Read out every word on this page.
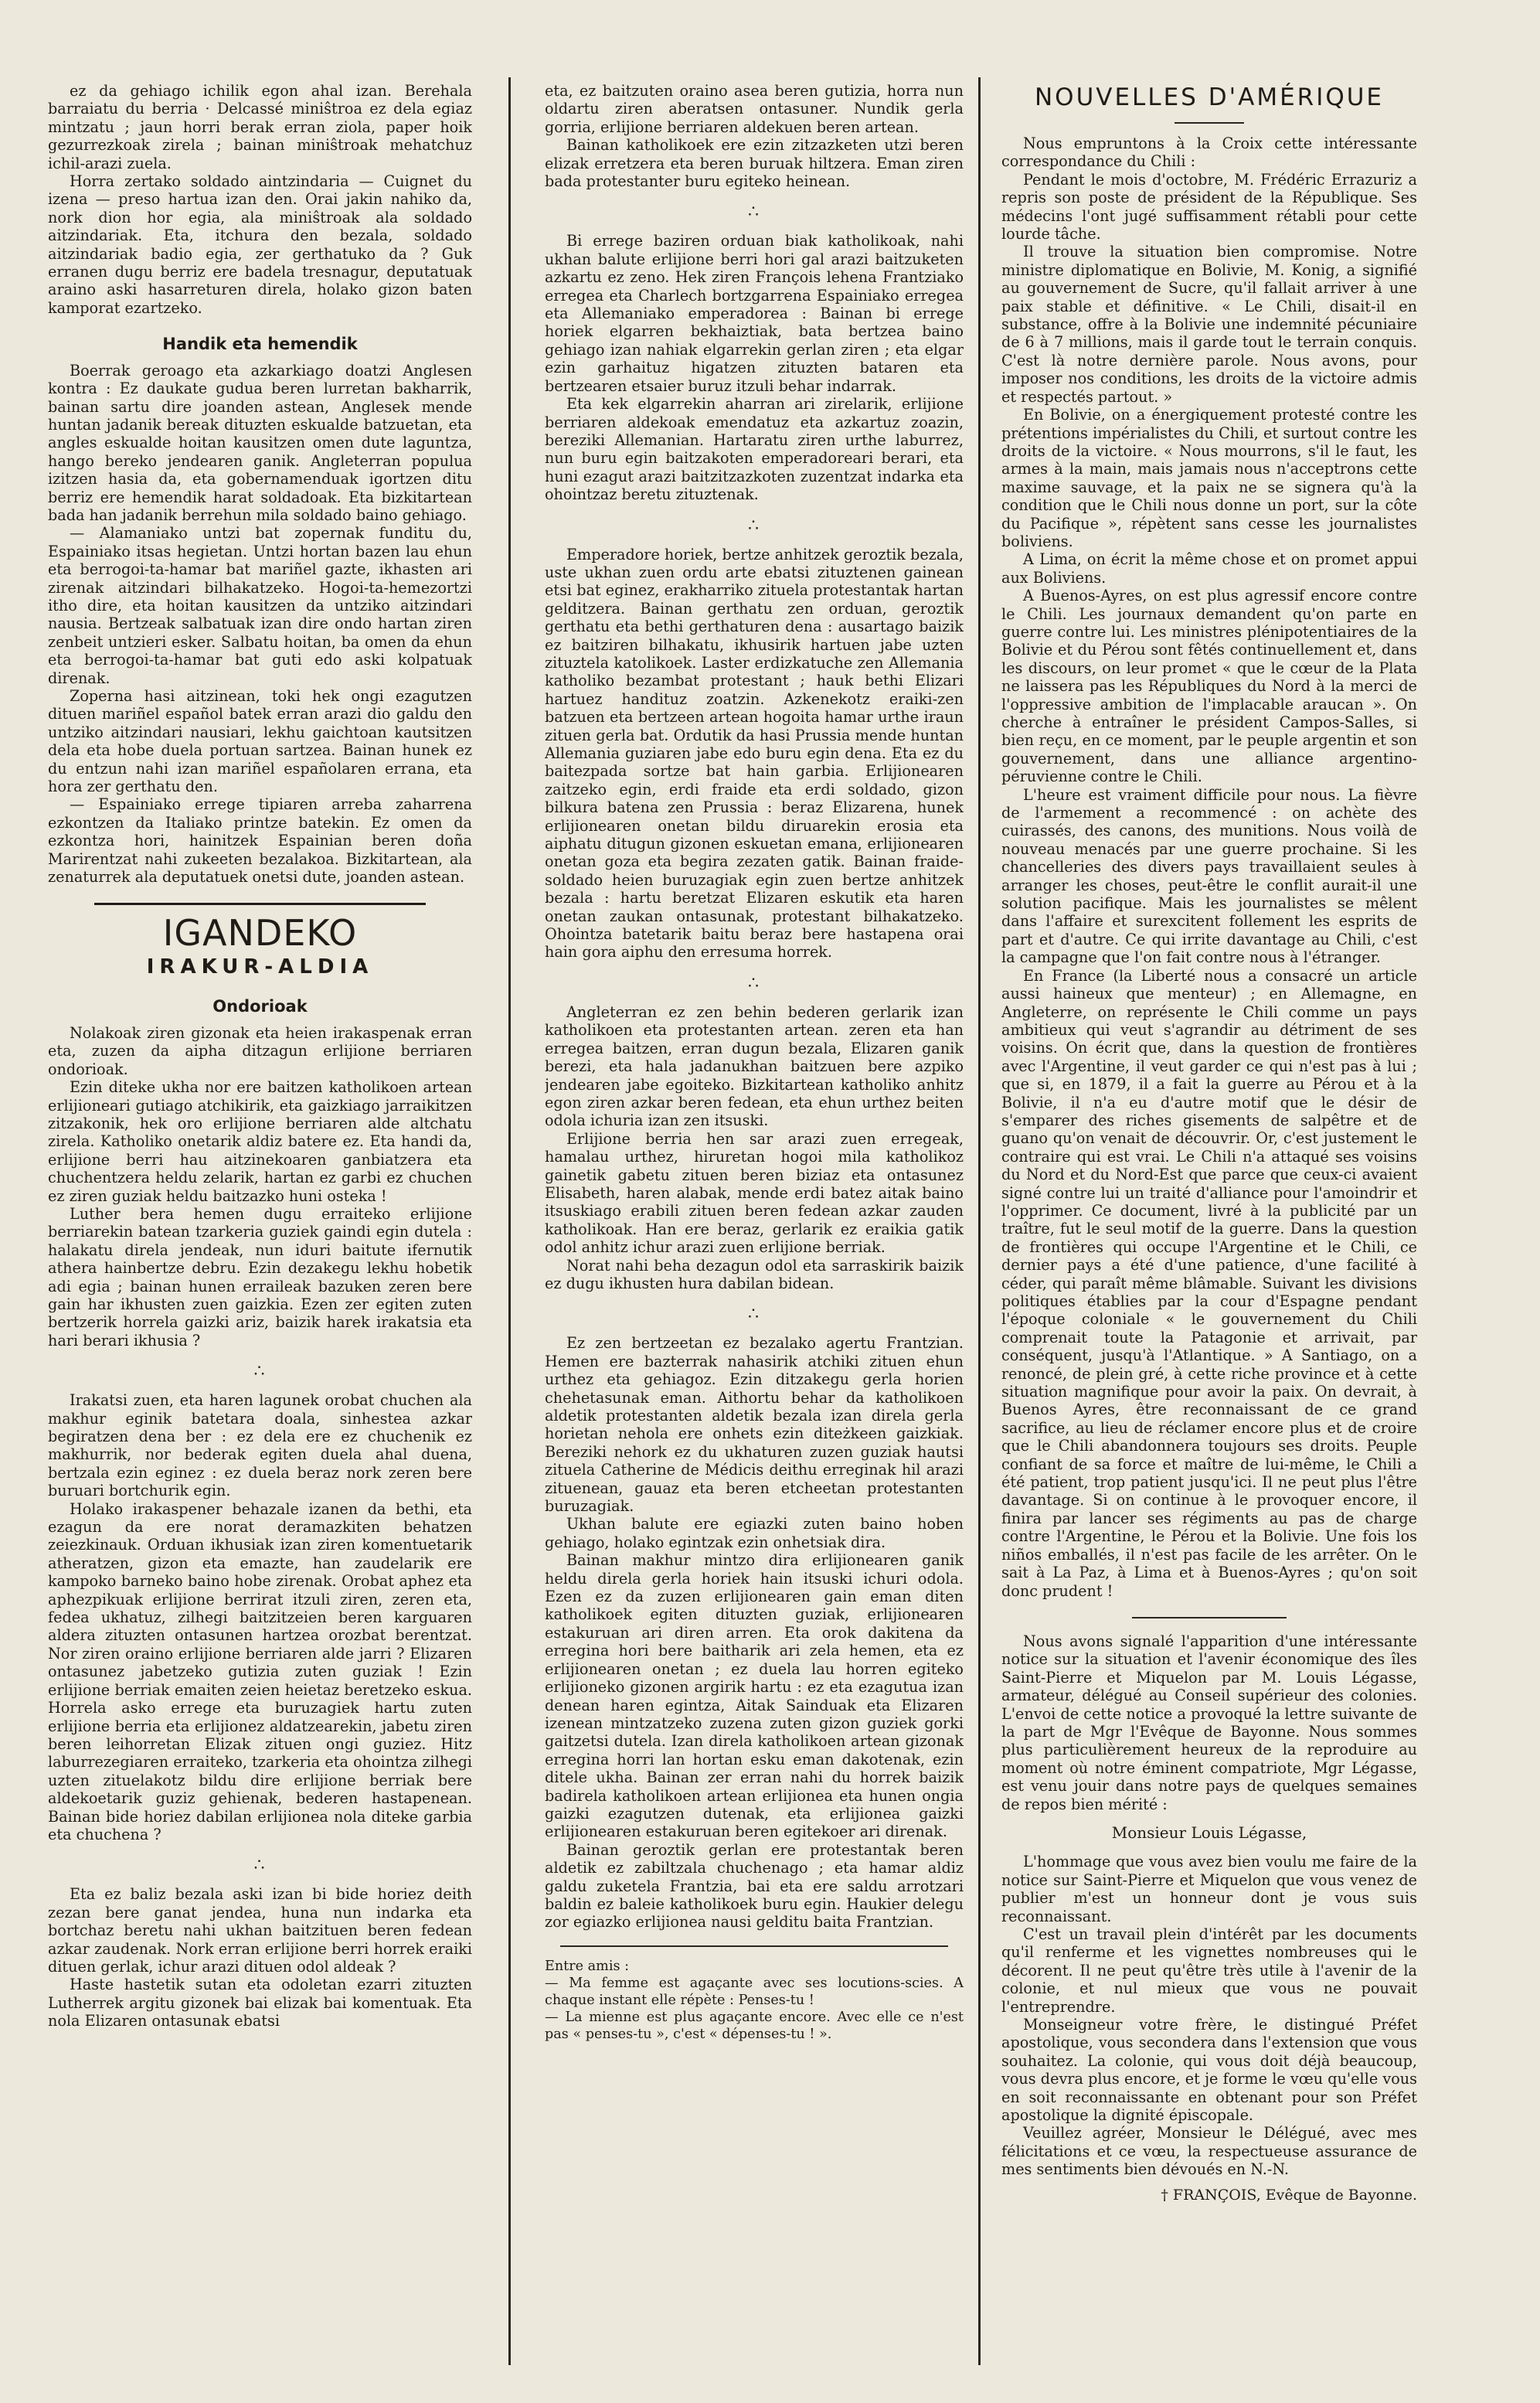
ez da gehiago ichilik egon ahal izan. Berehala barraiatu du berria · Delcassé miniŝtroa ez dela egiaz mintzatu ; jaun horri berak erran ziola, paper hoik gezurrezkoak zirela ; bainan miniŝtroak mehatchuz ichil-arazi zuela.

Horra zertako soldado aintzindaria — Cuignet du izena — preso hartua izan den. Orai jakin nahiko da, nork dion hor egia, ala miniŝtroak ala soldado aitzindariak. Eta, itchura den bezala, soldado aitzindariak badio egia, zer gerthatuko da ? Guk erranen dugu berriz ere badela tresnagur, deputatuak araino aski hasarreturen direla, holako gizon baten kamporat ezartzeko.

Handik eta hemendik

Boerrak geroago eta azkarkiago doatzi Anglesen kontra : Ez daukate gudua beren lurretan bakharrik, bainan sartu dire joanden astean, Anglesek mende huntan jadanik bereak dituzten eskualde batzuetan, eta angles eskualde hoitan kausitzen omen dute laguntza, hango bereko jendearen ganik. Angleterran populua izitzen hasia da, eta gobernamenduak igortzen ditu berriz ere hemendik harat soldadoak. Eta bizkitartean bada han jadanik berrehun mila soldado baino gehiago.

— Alamaniako untzi bat zopernak funditu du, Espainiako itsas hegietan. Untzi hortan bazen lau ehun eta berrogoi-ta-hamar bat mariñel gazte, ikhasten ari zirenak aitzindari bilhakatzeko. Hogoi-ta-hemezortzi itho dire, eta hoitan kausitzen da untziko aitzindari nausia. Bertzeak salbatuak izan dire ondo hartan ziren zenbeit untzieri esker. Salbatu hoitan, ba omen da ehun eta berrogoi-ta-hamar bat guti edo aski kolpatuak direnak.

Zoperna hasi aitzinean, toki hek ongi ezagutzen dituen mariñel español batek erran arazi dio galdu den untziko aitzindari nausiari, lekhu gaichtoan kautsitzen dela eta hobe duela portuan sartzea. Bainan hunek ez du entzun nahi izan mariñel españolaren errana, eta hora zer gerthatu den.

— Espainiako errege tipiaren arreba zaharrena ezkontzen da Italiako printze batekin. Ez omen da ezkontza hori, hainitzek Espainian beren doña Marirentzat nahi zukeeten bezalakoa. Bizkitartean, ala zenaturrek ala deputatuek onetsi dute, joanden astean.

IGANDEKO
IRAKUR-ALDIA
Ondorioak

Nolakoak ziren gizonak eta heien irakaspenak erran eta, zuzen da aipha ditzagun erlijione berriaren ondorioak.

Ezin diteke ukha nor ere baitzen katholikoen artean erlijioneari gutiago atchikirik, eta gaizkiago jarraikitzen zitzakonik, hek oro erlijione berriaren alde altchatu zirela. Katholiko onetarik aldiz batere ez. Eta handi da, erlijione berri hau aitzinekoaren ganbiatzera eta chuchentzera heldu zelarik, hartan ez garbi ez chuchen ez ziren guziak heldu baitzazko huni osteka !

Luther bera hemen dugu erraiteko erlijione berriarekin batean tzarkeria guziek gaindi egin dutela : halakatu direla jendeak, nun iduri baitute ifernutik athera hainbertze debru. Ezin dezakegu lekhu hobetik adi egia ; bainan hunen erraileak bazuken zeren bere gain har ikhusten zuen gaizkia. Ezen zer egiten zuten bertzerik horrela gaizki ariz, baizik harek irakatsia eta hari berari ikhusia ?

∴

Irakatsi zuen, eta haren lagunek orobat chuchen ala makhur eginik batetara doala, sinhestea azkar begiratzen dena ber : ez dela ere ez chuchenik ez makhurrik, nor bederak egiten duela ahal duena, bertzala ezin eginez : ez duela beraz nork zeren bere buruari bortchurik egin.

Holako irakaspener behazale izanen da bethi, eta ezagun da ere norat deramazkiten behatzen zeiezkinauk. Orduan ikhusiak izan ziren komentuetarik atheratzen, gizon eta emazte, han zaudelarik ere kampoko barneko baino hobe zirenak. Orobat aphez eta aphezpikuak erlijione berrirat itzuli ziren, zeren eta, fedea ukhatuz, zilhegi baitzitzeien beren karguaren aldera zituzten ontasunen hartzea orozbat berentzat. Nor ziren oraino erlijione berriaren alde jarri ? Elizaren ontasunez jabetzeko gutizia zuten guziak ! Ezin erlijione berriak emaiten zeien heietaz beretzeko eskua. Horrela asko errege eta buruzagiek hartu zuten erlijione berria eta erlijionez aldatzearekin, jabetu ziren beren leihorretan Elizak zituen ongi guziez. Hitz laburrezegiaren erraiteko, tzarkeria eta ohointza zilhegi uzten zituelakotz bildu dire erlijione berriak bere aldekoetarik guziz gehienak, bederen hastapenean. Bainan bide horiez dabilan erlijionea nola diteke garbia eta chuchena ?

∴

Eta ez baliz bezala aski izan bi bide horiez deith zezan bere ganat jendea, huna nun indarka eta bortchaz beretu nahi ukhan baitzituen beren fedean azkar zaudenak. Nork erran erlijione berri horrek eraiki dituen gerlak, ichur arazi dituen odol aldeak ?

Haste hastetik sutan eta odoletan ezarri zituzten Lutherrek argitu gizonek bai elizak bai komentuak. Eta nola Elizaren ontasunak ebatsi

eta, ez baitzuten oraino asea beren gutizia, horra nun oldartu ziren aberatsen ontasuner. Nundik gerla gorria, erlijione berriaren aldekuen beren artean.

Bainan katholikoek ere ezin zitzazketen utzi beren elizak erretzera eta beren buruak hiltzera. Eman ziren bada protestanter buru egiteko heinean.

∴

Bi errege baziren orduan biak katholikoak, nahi ukhan balute erlijione berri hori gal arazi baitzuketen azkartu ez zeno. Hek ziren François lehena Frantziako erregea eta Charlech bortzgarrena Espainiako erregea eta Allemaniako emperadorea : Bainan bi errege horiek elgarren bekhaiztiak, bata bertzea baino gehiago izan nahiak elgarrekin gerlan ziren ; eta elgar ezin garhaituz higatzen zituzten bataren eta bertzearen etsaier buruz itzuli behar indarrak.

Eta kek elgarrekin aharran ari zirelarik, erlijione berriaren aldekoak emendatuz eta azkartuz zoazin, bereziki Allemanian. Hartaratu ziren urthe laburrez, nun buru egin baitzakoten emperadoreari berari, eta huni ezagut arazi baitzitzazkoten zuzentzat indarka eta ohointzaz beretu zituztenak.

∴

Emperadore horiek, bertze anhitzek geroztik bezala, uste ukhan zuen ordu arte ebatsi zituztenen gainean etsi bat eginez, erakharriko zituela protestantak hartan gelditzera. Bainan gerthatu zen orduan, geroztik gerthatu eta bethi gerthaturen dena : ausartago baizik ez baitziren bilhakatu, ikhusirik hartuen jabe uzten zituztela katolikoek. Laster erdizkatuche zen Allemania katholiko bezambat protestant ; hauk bethi Elizari hartuez handituz zoatzin. Azkenekotz eraiki-zen batzuen eta bertzeen artean hogoita hamar urthe iraun zituen gerla bat. Ordutik da hasi Prussia mende huntan Allemania guziaren jabe edo buru egin dena. Eta ez du baitezpada sortze bat hain garbia. Erlijionearen zaitzeko egin, erdi fraide eta erdi soldado, gizon bilkura batena zen Prussia : beraz Elizarena, hunek erlijionearen onetan bildu diruarekin erosia eta aiphatu ditugun gizonen eskuetan emana, erlijionearen onetan goza eta begira zezaten gatik. Bainan fraide-soldado heien buruzagiak egin zuen bertze anhitzek bezala : hartu beretzat Elizaren eskutik eta haren onetan zaukan ontasunak, protestant bilhakatzeko. Ohointza batetarik baitu beraz bere hastapena orai hain gora aiphu den erresuma horrek.

∴

Angleterran ez zen behin bederen gerlarik izan katholikoen eta protestanten artean. zeren eta han erregea baitzen, erran dugun bezala, Elizaren ganik berezi, eta hala jadanukhan baitzuen bere azpiko jendearen jabe egoiteko. Bizkitartean katholiko anhitz egon ziren azkar beren fedean, eta ehun urthez beiten odola ichuria izan zen itsuski.

Erlijione berria hen sar arazi zuen erregeak, hamalau urthez, hiruretan hogoi mila katholikoz gainetik gabetu zituen beren biziaz eta ontasunez Elisabeth, haren alabak, mende erdi batez aitak baino itsuskiago erabili zituen beren fedean azkar zauden katholikoak. Han ere beraz, gerlarik ez eraikia gatik odol anhitz ichur arazi zuen erlijione berriak.

Norat nahi beha dezagun odol eta sarraskirik baizik ez dugu ikhusten hura dabilan bidean.

∴

Ez zen bertzeetan ez bezalako agertu Frantzian. Hemen ere bazterrak nahasirik atchiki zituen ehun urthez eta gehiagoz. Ezin ditzakegu gerla horien chehetasunak eman. Aithortu behar da katholikoen aldetik protestanten aldetik bezala izan direla gerla horietan nehola ere onhets ezin diteżkeen gaizkiak. Bereziki nehork ez du ukhaturen zuzen guziak hautsi zituela Catherine de Médicis deithu erreginak hil arazi zituenean, gauaz eta beren etcheetan protestanten buruzagiak.

Ukhan balute ere egiazki zuten baino hoben gehiago, holako egintzak ezin onhetsiak dira.

Bainan makhur mintzo dira erlijionearen ganik heldu direla gerla horiek hain itsuski ichuri odola. Ezen ez da zuzen erlijionearen gain eman diten katholikoek egiten dituzten guziak, erlijionearen estakuruan ari diren arren. Eta orok dakitena da erregina hori bere baitharik ari zela hemen, eta ez erlijionearen onetan ; ez duela lau horren egiteko erlijioneko gizonen argirik hartu : ez eta ezagutua izan denean haren egintza, Aitak Sainduak eta Elizaren izenean mintzatzeko zuzena zuten gizon guziek gorki gaitzetsi dutela. Izan direla katholikoen artean gizonak erregina horri lan hortan esku eman dakotenak, ezin ditele ukha. Bainan zer erran nahi du horrek baizik badirela katholikoen artean erlijionea eta hunen ongia gaizki ezagutzen dutenak, eta erlijionea gaizki erlijionearen estakuruan beren egitekoer ari direnak.

Bainan geroztik gerlan ere protestantak beren aldetik ez zabiltzala chuchenago ; eta hamar aldiz galdu zuketela Frantzia, bai eta ere saldu arrotzari baldin ez baleie katholikoek buru egin. Haukier delegu zor egiazko erlijionea nausi gelditu baita Frantzian.

Entre amis :

— Ma femme est agaçante avec ses locutions-scies. A chaque instant elle répète : Penses-tu !

— La mienne est plus agaçante encore. Avec elle ce n'est pas « penses-tu », c'est « dépenses-tu ! ».

NOUVELLES D'AMÉRIQUE

Nous empruntons à la Croix cette intéressante correspondance du Chili :

Pendant le mois d'octobre, M. Frédéric Errazuriz a repris son poste de président de la République. Ses médecins l'ont jugé suffisamment rétabli pour cette lourde tâche.

Il trouve la situation bien compromise. Notre ministre diplomatique en Bolivie, M. Konig, a signifié au gouvernement de Sucre, qu'il fallait arriver à une paix stable et définitive. « Le Chili, disait-il en substance, offre à la Bolivie une indemnité pécuniaire de 6 à 7 millions, mais il garde tout le terrain conquis. C'est là notre dernière parole. Nous avons, pour imposer nos conditions, les droits de la victoire admis et respectés partout. »

En Bolivie, on a énergiquement protesté contre les prétentions impérialistes du Chili, et surtout contre les droits de la victoire. « Nous mourrons, s'il le faut, les armes à la main, mais jamais nous n'acceptrons cette maxime sauvage, et la paix ne se signera qu'à la condition que le Chili nous donne un port, sur la côte du Pacifique », répètent sans cesse les journalistes boliviens.

A Lima, on écrit la même chose et on promet appui aux Boliviens.

A Buenos-Ayres, on est plus agressif encore contre le Chili. Les journaux demandent qu'on parte en guerre contre lui. Les ministres plénipotentiaires de la Bolivie et du Pérou sont fêtés continuellement et, dans les discours, on leur promet « que le cœur de la Plata ne laissera pas les Républiques du Nord à la merci de l'oppressive ambition de l'implacable araucan ». On cherche à entraîner le président Campos-Salles, si bien reçu, en ce moment, par le peuple argentin et son gouvernement, dans une alliance argentino-péruvienne contre le Chili.

L'heure est vraiment difficile pour nous. La fièvre de l'armement a recommencé : on achète des cuirassés, des canons, des munitions. Nous voilà de nouveau menacés par une guerre prochaine. Si les chancelleries des divers pays travaillaient seules à arranger les choses, peut-être le conflit aurait-il une solution pacifique. Mais les journalistes se mêlent dans l'affaire et surexcitent follement les esprits de part et d'autre. Ce qui irrite davantage au Chili, c'est la campagne que l'on fait contre nous à l'étranger.

En France (la Liberté nous a consacré un article aussi haineux que menteur) ; en Allemagne, en Angleterre, on représente le Chili comme un pays ambitieux qui veut s'agrandir au détriment de ses voisins. On écrit que, dans la question de frontières avec l'Argentine, il veut garder ce qui n'est pas à lui ; que si, en 1879, il a fait la guerre au Pérou et à la Bolivie, il n'a eu d'autre motif que le désir de s'emparer des riches gisements de salpêtre et de guano qu'on venait de découvrir. Or, c'est justement le contraire qui est vrai. Le Chili n'a attaqué ses voisins du Nord et du Nord-Est que parce que ceux-ci avaient signé contre lui un traité d'alliance pour l'amoindrir et l'opprimer. Ce document, livré à la publicité par un traître, fut le seul motif de la guerre. Dans la question de frontières qui occupe l'Argentine et le Chili, ce dernier pays a été d'une patience, d'une facilité à céder, qui paraît même blâmable. Suivant les divisions politiques établies par la cour d'Espagne pendant l'époque coloniale « le gouvernement du Chili comprenait toute la Patagonie et arrivait, par conséquent, jusqu'à l'Atlantique. » A Santiago, on a renoncé, de plein gré, à cette riche province et à cette situation magnifique pour avoir la paix. On devrait, à Buenos Ayres, être reconnaissant de ce grand sacrifice, au lieu de réclamer encore plus et de croire que le Chili abandonnera toujours ses droits. Peuple confiant de sa force et maître de lui-même, le Chili a été patient, trop patient jusqu'ici. Il ne peut plus l'être davantage. Si on continue à le provoquer encore, il finira par lancer ses régiments au pas de charge contre l'Argentine, le Pérou et la Bolivie. Une fois los niños emballés, il n'est pas facile de les arrêter. On le sait à La Paz, à Lima et à Buenos-Ayres ; qu'on soit donc prudent !

Nous avons signalé l'apparition d'une intéressante notice sur la situation et l'avenir économique des îles Saint-Pierre et Miquelon par M. Louis Légasse, armateur, délégué au Conseil supérieur des colonies. L'envoi de cette notice a provoqué la lettre suivante de la part de Mgr l'Evêque de Bayonne. Nous sommes plus particulièrement heureux de la reproduire au moment où notre éminent compatriote, Mgr Légasse, est venu jouir dans notre pays de quelques semaines de repos bien mérité :

Monsieur Louis Légasse,

L'hommage que vous avez bien voulu me faire de la notice sur Saint-Pierre et Miquelon que vous venez de publier m'est un honneur dont je vous suis reconnaissant.

C'est un travail plein d'intérêt par les documents qu'il renferme et les vignettes nombreuses qui le décorent. Il ne peut qu'être très utile à l'avenir de la colonie, et nul mieux que vous ne pouvait l'entreprendre.

Monseigneur votre frère, le distingué Préfet apostolique, vous secondera dans l'extension que vous souhaitez. La colonie, qui vous doit déjà beaucoup, vous devra plus encore, et je forme le vœu qu'elle vous en soit reconnaissante en obtenant pour son Préfet apostolique la dignité épiscopale.

Veuillez agréer, Monsieur le Délégué, avec mes félicitations et ce vœu, la respectueuse assurance de mes sentiments bien dévoués en N.-N.

† FRANÇOIS, Evêque de Bayonne.
